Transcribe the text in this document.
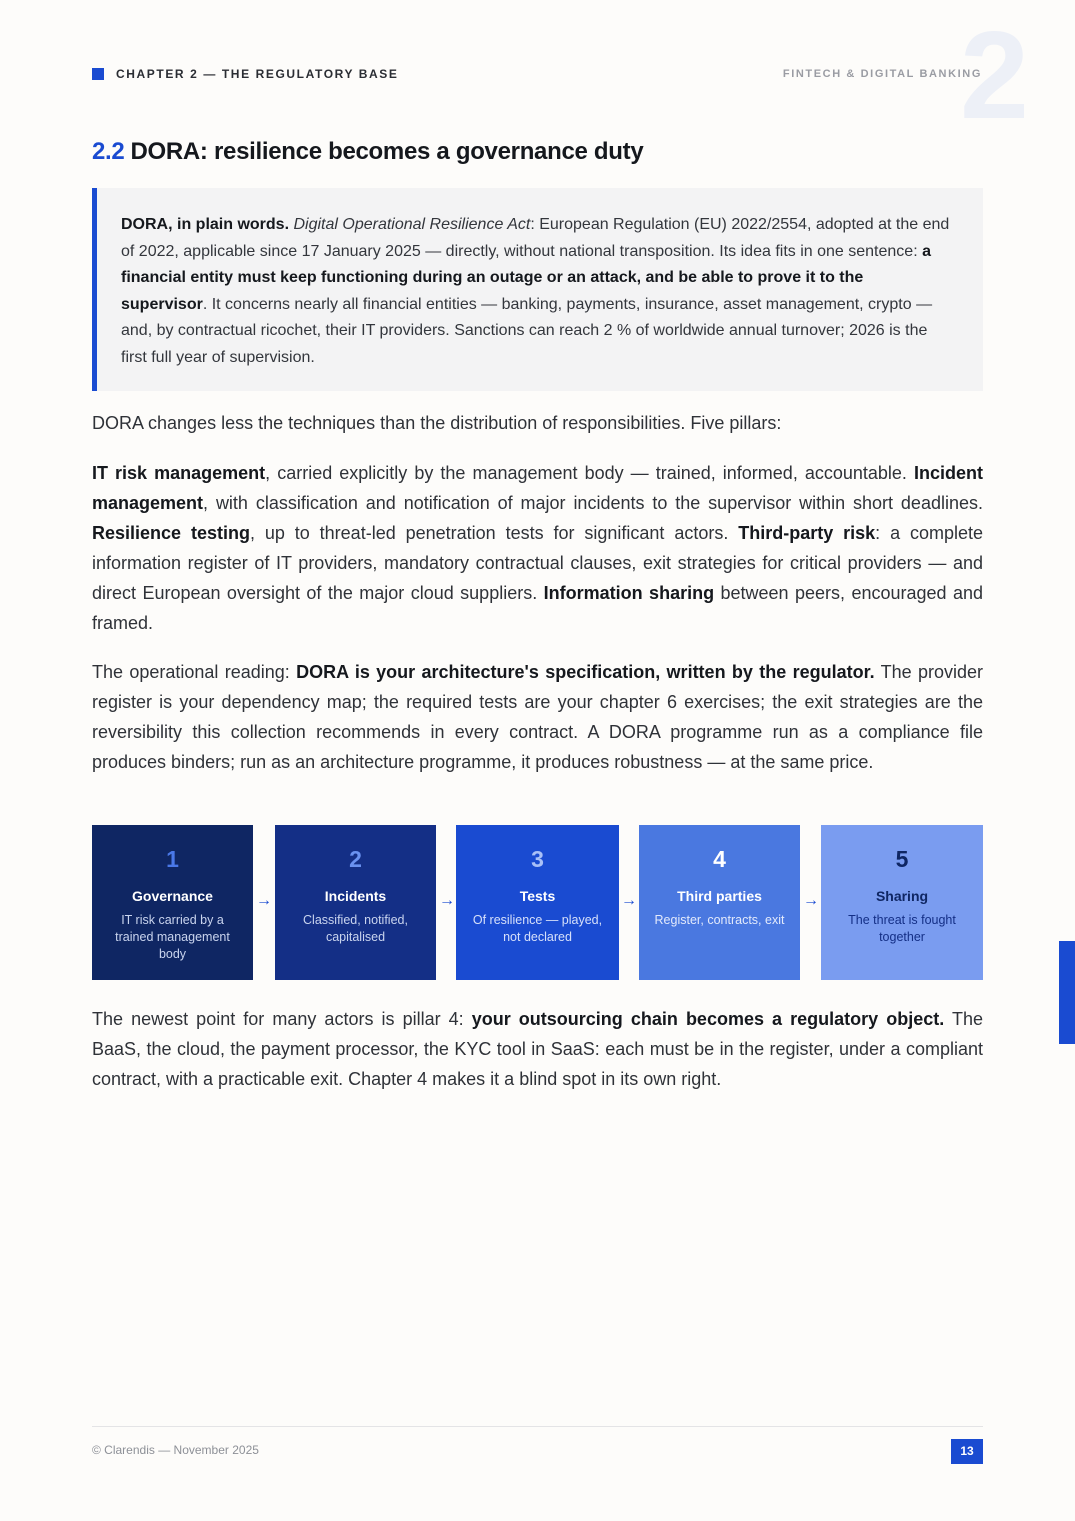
CHAPTER 2 — THE REGULATORY BASE	2
FINTECH & DIGITAL BANKING
2.2 DORA: resilience becomes a governance duty
DORA, in plain words. Digital Operational Resilience Act: European Regulation (EU) 2022/2554, adopted at the end of 2022, applicable since 17 January 2025 — directly, without national transposition. Its idea fits in one sentence: a financial entity must keep functioning during an outage or an attack, and be able to prove it to the supervisor. It concerns nearly all financial entities — banking, payments, insurance, asset management, crypto — and, by contractual ricochet, their IT providers. Sanctions can reach 2 % of worldwide annual turnover; 2026 is the first full year of supervision.

DORA changes less the techniques than the distribution of responsibilities. Five pillars:

IT risk management, carried explicitly by the management body — trained, informed, accountable. Incident management, with classification and notification of major incidents to the supervisor within short deadlines. Resilience testing, up to threat-led penetration tests for significant actors. Third-party risk: a complete information register of IT providers, mandatory contractual clauses, exit strategies for critical providers — and direct European oversight of the major cloud suppliers. Information sharing between peers, encouraged and framed.

The operational reading: DORA is your architecture's specification, written by the regulator. The provider register is your dependency map; the required tests are your chapter 6 exercises; the exit strategies are the reversibility this collection recommends in every contract. A DORA programme run as a compliance file produces binders; run as an architecture programme, it produces robustness — at the same price.

1
Governance
IT risk carried by a trained management body
→
2
Incidents
Classified, notified, capitalised
→
3
Tests
Of resilience — played, not declared
→
4
Third parties
Register, contracts, exit
→
5
Sharing
The threat is fought together

The newest point for many actors is pillar 4: your outsourcing chain becomes a regulatory object. The BaaS, the cloud, the payment processor, the KYC tool in SaaS: each must be in the register, under a compliant contract, with a practicable exit. Chapter 4 makes it a blind spot in its own right.

© Clarendis — November 2025	13
